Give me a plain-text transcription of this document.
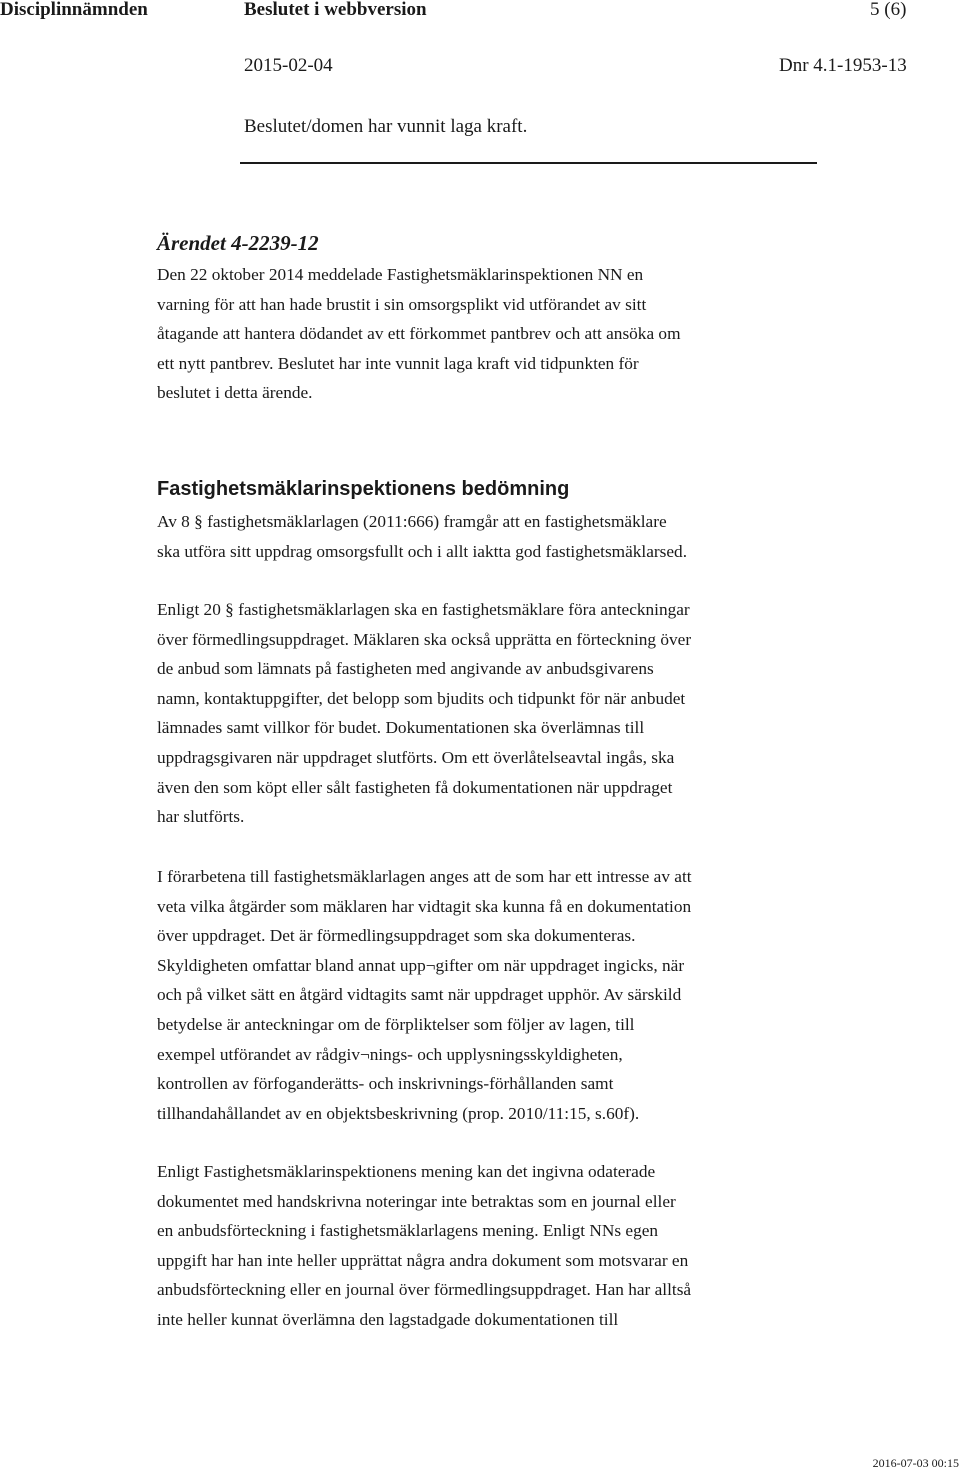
Disciplinnämnden	Beslutet i webbversion	5 (6)
2015-02-04	Dnr 4.1-1953-13
Beslutet/domen har vunnit laga kraft.
Ärendet 4-2239-12

Den 22 oktober 2014 meddelade Fastighetsmäklarinspektionen NN en
varning för att han hade brustit i sin omsorgsplikt vid utförandet av sitt
åtagande att hantera dödandet av ett förkommet pantbrev och att ansöka om
ett nytt pantbrev. Beslutet har inte vunnit laga kraft vid tidpunkten för
beslutet i detta ärende.

Fastighetsmäklarinspektionens bedömning

Av 8 § fastighetsmäklarlagen (2011:666) framgår att en fastighetsmäklare
ska utföra sitt uppdrag omsorgsfullt och i allt iaktta god fastighetsmäklarsed.

Enligt 20 § fastighetsmäklarlagen ska en fastighetsmäklare föra anteckningar
över förmedlingsuppdraget. Mäklaren ska också upprätta en förteckning över
de anbud som lämnats på fastigheten med angivande av anbudsgivarens
namn, kontaktuppgifter, det belopp som bjudits och tidpunkt för när anbudet
lämnades samt villkor för budet. Dokumentationen ska överlämnas till
uppdragsgivaren när uppdraget slutförts. Om ett överlåtelseavtal ingås, ska
även den som köpt eller sålt fastigheten få dokumentationen när uppdraget
har slutförts.

I förarbetena till fastighetsmäklarlagen anges att de som har ett intresse av att
veta vilka åtgärder som mäklaren har vidtagit ska kunna få en dokumentation
över uppdraget. Det är förmedlingsuppdraget som ska dokumenteras.
Skyldigheten omfattar bland annat upp¬gifter om när uppdraget ingicks, när
och på vilket sätt en åtgärd vidtagits samt när uppdraget upphör. Av särskild
betydelse är anteckningar om de förpliktelser som följer av lagen, till
exempel utförandet av rådgiv¬nings- och upplysningsskyldigheten,
kontrollen av förfoganderätts- och inskrivnings-förhållanden samt
tillhandahållandet av en objektsbeskrivning (prop. 2010/11:15, s.60f).

Enligt Fastighetsmäklarinspektionens mening kan det ingivna odaterade
dokumentet med handskrivna noteringar inte betraktas som en journal eller
en anbudsförteckning i fastighetsmäklarlagens mening. Enligt NNs egen
uppgift har han inte heller upprättat några andra dokument som motsvarar en
anbudsförteckning eller en journal över förmedlingsuppdraget. Han har alltså
inte heller kunnat överlämna den lagstadgade dokumentationen till

2016-07-03 00:15
